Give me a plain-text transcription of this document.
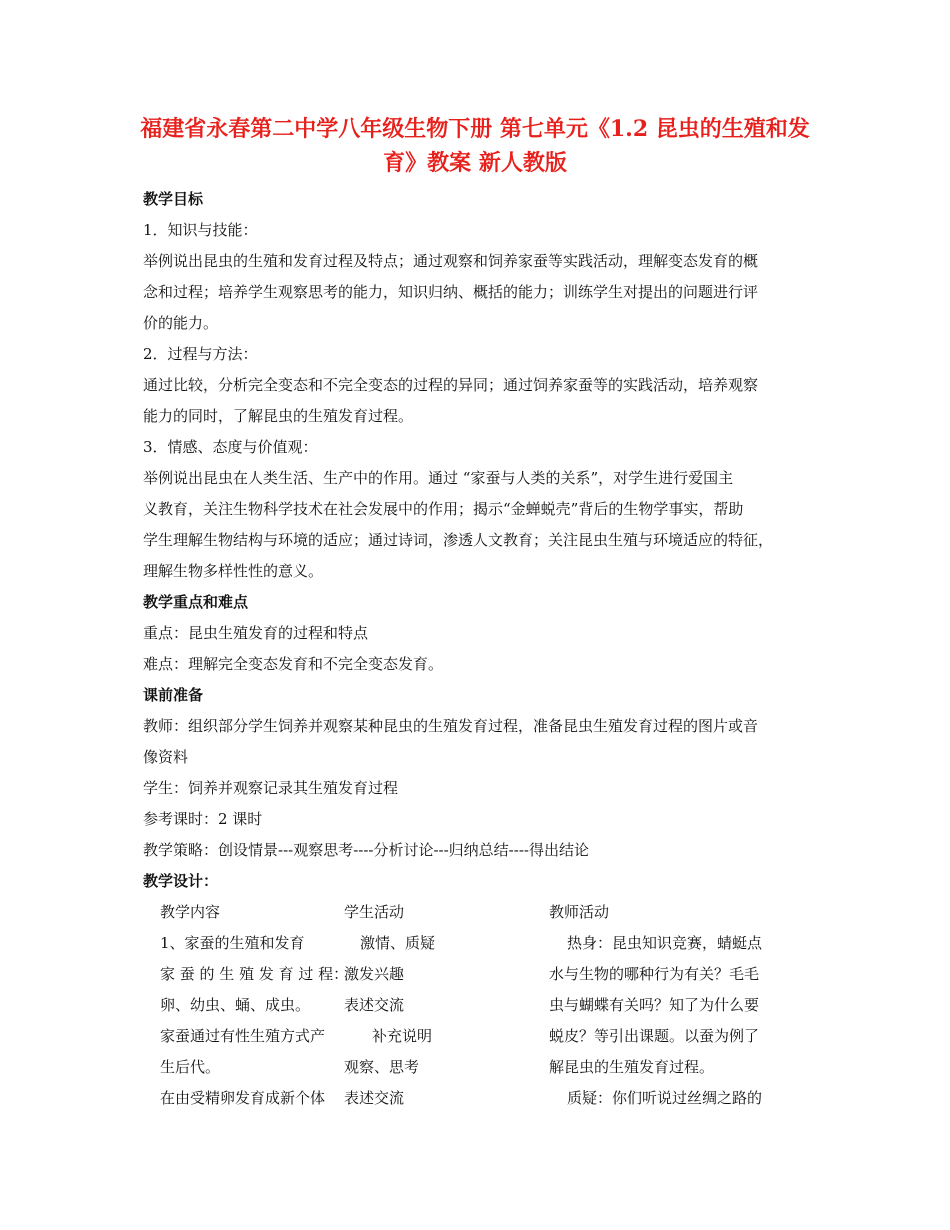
福建省永春第二中学八年级生物下册 第七单元《1.2 昆虫的生殖和发
育》教案 新人教版

教学目标

1．知识与技能：

举例说出昆虫的生殖和发育过程及特点；通过观察和饲养家蚕等实践活动，理解变态发育的概

念和过程；培养学生观察思考的能力，知识归纳、概括的能力；训练学生对提出的问题进行评

价的能力。

2．过程与方法：

通过比较，分析完全变态和不完全变态的过程的异同；通过饲养家蚕等的实践活动，培养观察

能力的同时，了解昆虫的生殖发育过程。

3．情感、态度与价值观：

举例说出昆虫在人类生活、生产中的作用。通过 “家蚕与人类的关系”，对学生进行爱国主

义教育，关注生物科学技术在社会发展中的作用；揭示“金蝉蜕壳”背后的生物学事实，帮助

学生理解生物结构与环境的适应；通过诗词，渗透人文教育；关注昆虫生殖与环境适应的特征，

理解生物多样性性的意义。

教学重点和难点

重点：昆虫生殖发育的过程和特点

难点：理解完全变态发育和不完全变态发育。

课前准备

教师：组织部分学生饲养并观察某种昆虫的生殖发育过程，准备昆虫生殖发育过程的图片或音

像资料

学生：饲养并观察记录其生殖发育过程

参考课时：2 课时

教学策略：创设情景---观察思考----分析讨论---归纳总结----得出结论

教学设计：

教学内容	学生活动	教师活动

1、家蚕的生殖和发育

家 蚕 的 生 殖 发 育 过 程：

卵、幼虫、蛹、成虫。

家蚕通过有性生殖方式产

生后代。

在由受精卵发育成新个体

激情、质疑

激发兴趣

表述交流

补充说明

观察、思考

表述交流

热身：昆虫知识竞赛，蜻蜓点

水与生物的哪种行为有关？毛毛

虫与蝴蝶有关吗？知了为什么要

蜕皮？等引出课题。以蚕为例了

解昆虫的生殖发育过程。

质疑：你们听说过丝绸之路的
